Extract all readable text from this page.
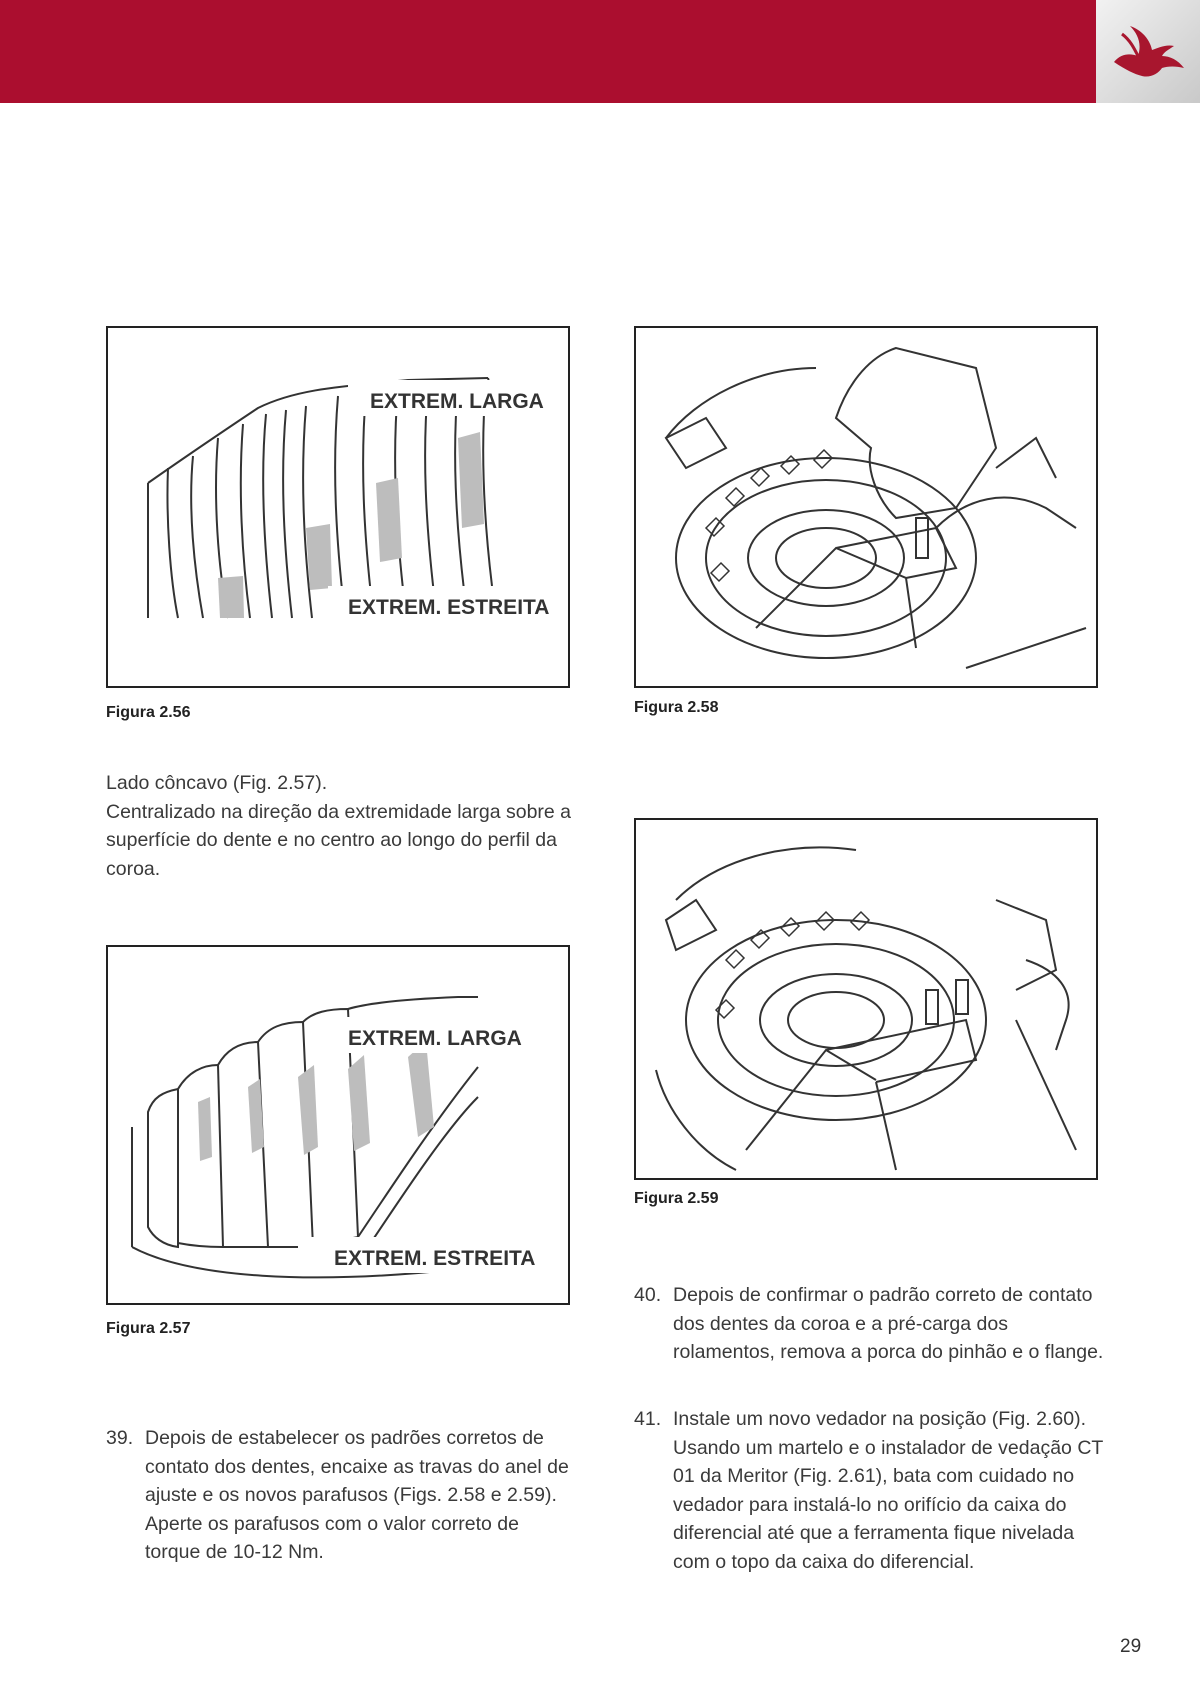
EXTREM. LARGA
EXTREM. ESTREITA
Figura 2.56	Figura 2.58

Lado côncavo (Fig. 2.57).

Centralizado na direção da extremidade larga sobre a superfície do dente e no centro ao longo do perfil da coroa.

Figura 2.59
EXTREM. LARGA
EXTREM. ESTREITA
Figura 2.57
40. Depois de confirmar o padrão correto de contato dos dentes da coroa e a pré-carga dos rolamentos, remova a porca do pinhão e o flange.
39. Depois de estabelecer os padrões corretos de contato dos dentes, encaixe as travas do anel de ajuste e os novos parafusos (Figs. 2.58 e 2.59). Aperte os parafusos com o valor correto de torque de 10-12 Nm.
41. Instale um novo vedador na posição (Fig. 2.60). Usando um martelo e o instalador de vedação CT 01 da Meritor (Fig. 2.61), bata com cuidado no vedador para instalá-lo no orifício da caixa do diferencial até que a ferramenta fique nivelada com o topo da caixa do diferencial.
29
